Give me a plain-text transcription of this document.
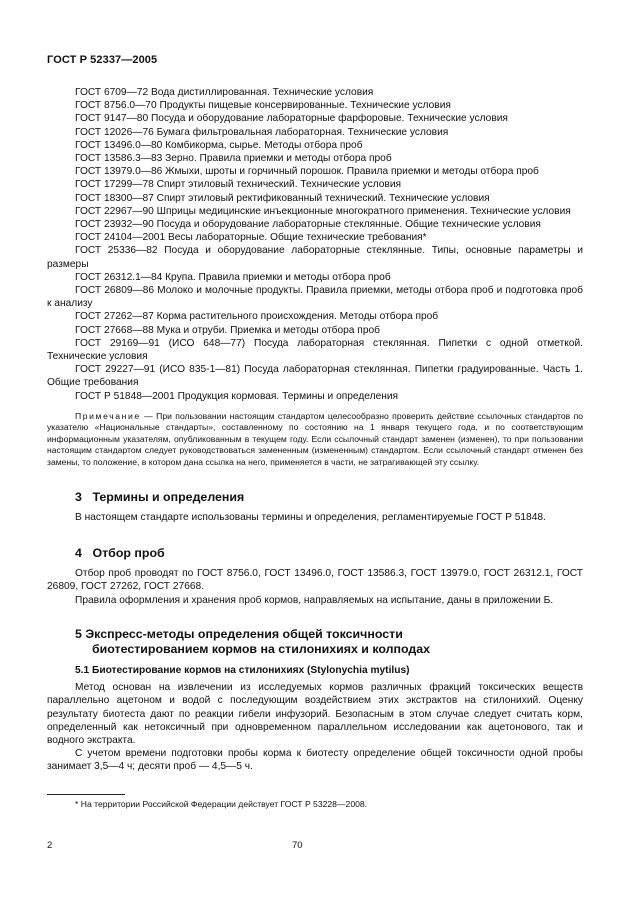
ГОСТ Р 52337—2005

ГОСТ 6709—72 Вода дистиллированная. Технические условия

ГОСТ 8756.0—70 Продукты пищевые консервированные. Технические условия

ГОСТ 9147—80 Посуда и оборудование лабораторные фарфоровые. Технические условия

ГОСТ 12026—76 Бумага фильтровальная лабораторная. Технические условия

ГОСТ 13496.0—80 Комбикорма, сырье. Методы отбора проб

ГОСТ 13586.3—83 Зерно. Правила приемки и методы отбора проб

ГОСТ 13979.0—86 Жмыхи, шроты и горчичный порошок. Правила приемки и методы отбора проб

ГОСТ 17299—78 Спирт этиловый технический. Технические условия

ГОСТ 18300—87 Спирт этиловый ректификованный технический. Технические условия

ГОСТ 22967—90 Шприцы медицинские инъекционные многократного применения. Технические условия

ГОСТ 23932—90 Посуда и оборудование лабораторные стеклянные. Общие технические условия

ГОСТ 24104—2001 Весы лабораторные. Общие технические требования*

ГОСТ 25336—82 Посуда и оборудование лабораторные стеклянные. Типы, основные параметры и размеры

ГОСТ 26312.1—84 Крупа. Правила приемки и методы отбора проб

ГОСТ 26809—86 Молоко и молочные продукты. Правила приемки, методы отбора проб и подготовка проб к анализу

ГОСТ 27262—87 Корма растительного происхождения. Методы отбора проб

ГОСТ 27668—88 Мука и отруби. Приемка и методы отбора проб

ГОСТ 29169—91 (ИСО 648—77) Посуда лабораторная стеклянная. Пипетки с одной отметкой. Технические условия

ГОСТ 29227—91 (ИСО 835-1—81) Посуда лабораторная стеклянная. Пипетки градуированные. Часть 1. Общие требования

ГОСТ Р 51848—2001 Продукция кормовая. Термины и определения

Примечание — При пользовании настоящим стандартом целесообразно проверить действие ссылочных стандартов по указателю «Национальные стандарты», составленному по состоянию на 1 января текущего года, и по соответствующим информационным указателям, опубликованным в текущем году. Если ссылочный стандарт заменен (изменен), то при пользовании настоящим стандартом следует руководствоваться замененным (измененным) стандартом. Если ссылочный стандарт отменен без замены, то положение, в котором дана ссылка на него, применяется в части, не затрагивающей эту ссылку.

3 Термины и определения

В настоящем стандарте использованы термины и определения, регламентируемые ГОСТ Р 51848.

4 Отбор проб

Отбор проб проводят по ГОСТ 8756.0, ГОСТ 13496.0, ГОСТ 13586.3, ГОСТ 13979.0, ГОСТ 26312.1, ГОСТ 26809, ГОСТ 27262, ГОСТ 27668.

Правила оформления и хранения проб кормов, направляемых на испытание, даны в приложении Б.

5 Экспресс-методы определения общей токсичности
биотестированием кормов на стилонихиях и колподах
5.1 Биотестирование кормов на стилонихиях (Stylonychia mytilus)

Метод основан на извлечении из исследуемых кормов различных фракций токсических веществ параллельно ацетоном и водой с последующим воздействием этих экстрактов на стилонихий. Оценку результату биотеста дают по реакции гибели инфузорий. Безопасным в этом случае следует считать корм, определенный как нетоксичный при одновременном параллельном исследовании как ацетонового, так и водного экстракта.

С учетом времени подготовки пробы корма к биотесту определение общей токсичности одной пробы занимает 3,5—4 ч; десяти проб — 4,5—5 ч.

* На территории Российской Федерации действует ГОСТ Р 53228—2008.

2	70
